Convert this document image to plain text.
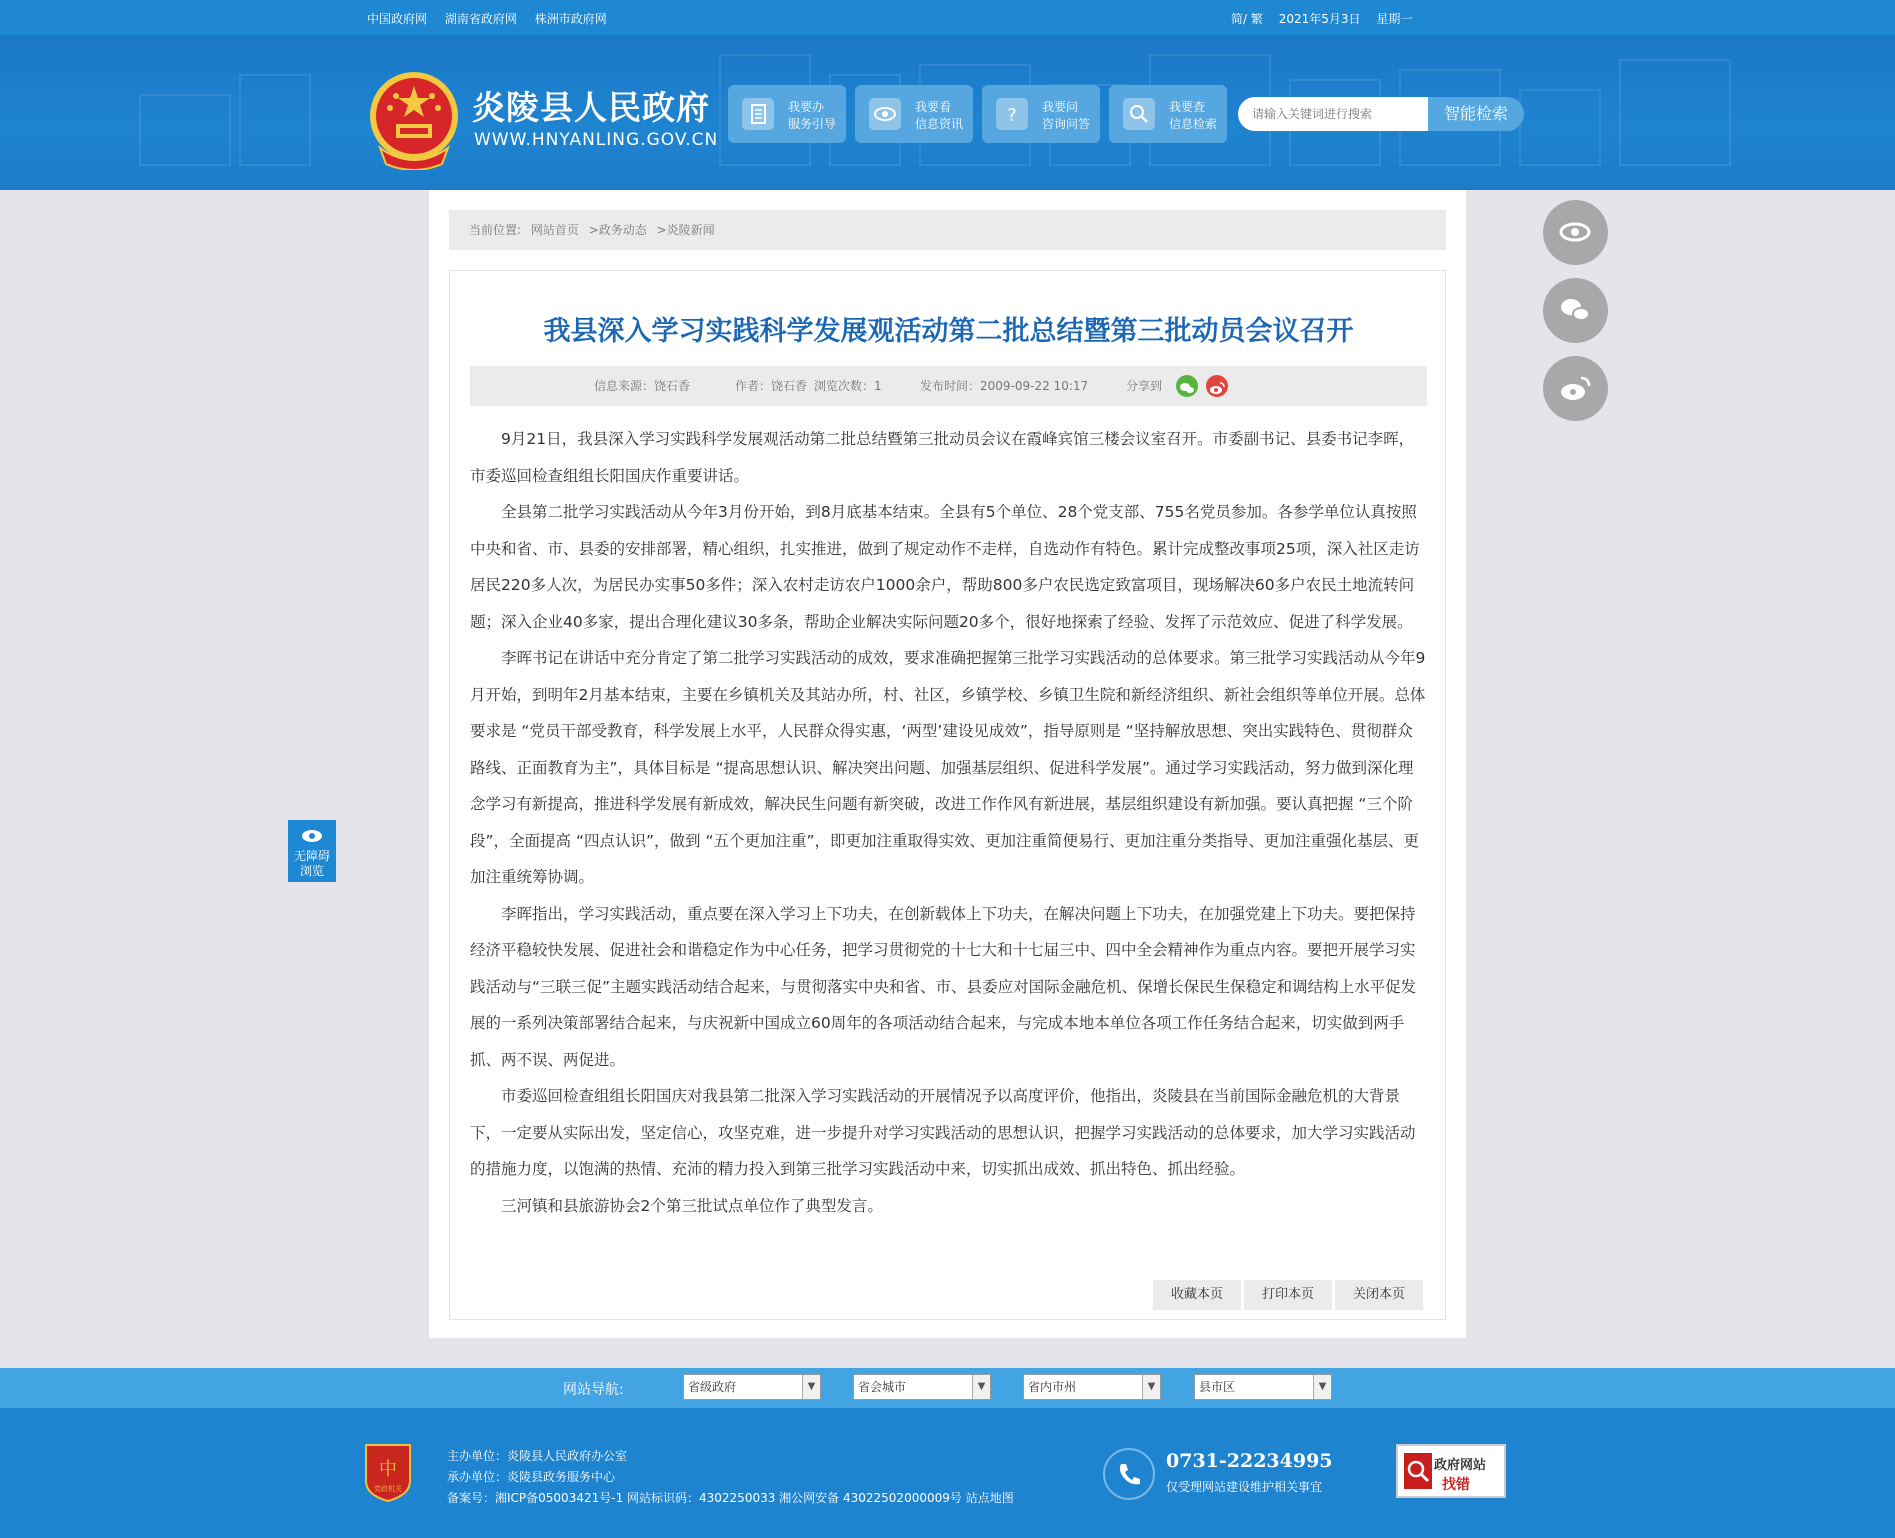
中国政府网 湖南省政府网 株洲市政府网	简/ 繁 2021年5月3日 星期一
炎陵县人民政府
WWW.HNYANLING.GOV.CN
我要办
服务引导
我要看
信息资讯 ? 我要问
咨询问答
我要查
信息检索
请输入关键词进行搜索
智能检索
当前位置: 网站首页 >政务动态 >炎陵新闻
我县深入学习实践科学发展观活动第二批总结暨第三批动员会议召开
信息来源：饶石香	作者：饶石香 浏览次数：1	发布时间：2009-09-22 10:17	分享到

9月21日，我县深入学习实践科学发展观活动第二批总结暨第三批动员会议在霞峰宾馆三楼会议室召开。市委副书记、县委书记李晖，市委巡回检查组组长阳国庆作重要讲话。

全县第二批学习实践活动从今年3月份开始，到8月底基本结束。全县有5个单位、28个党支部、755名党员参加。各参学单位认真按照中央和省、市、县委的安排部署，精心组织，扎实推进，做到了规定动作不走样，自选动作有特色。累计完成整改事项25项，深入社区走访居民220多人次，为居民办实事50多件；深入农村走访农户1000余户，帮助800多户农民选定致富项目，现场解决60多户农民土地流转问题；深入企业40多家，提出合理化建议30多条，帮助企业解决实际问题20多个，很好地探索了经验、发挥了示范效应、促进了科学发展。

李晖书记在讲话中充分肯定了第二批学习实践活动的成效，要求准确把握第三批学习实践活动的总体要求。第三批学习实践活动从今年9月开始，到明年2月基本结束，主要在乡镇机关及其站办所，村、社区，乡镇学校、乡镇卫生院和新经济组织、新社会组织等单位开展。总体要求是 “党员干部受教育，科学发展上水平，人民群众得实惠，‘两型’建设见成效”，指导原则是 “坚持解放思想、突出实践特色、贯彻群众路线、正面教育为主”，具体目标是 “提高思想认识、解决突出问题、加强基层组织、促进科学发展”。通过学习实践活动，努力做到深化理念学习有新提高，推进科学发展有新成效，解决民生问题有新突破，改进工作作风有新进展，基层组织建设有新加强。要认真把握 “三个阶段”，全面提高 “四点认识”，做到 “五个更加注重”，即更加注重取得实效、更加注重简便易行、更加注重分类指导、更加注重强化基层、更加注重统筹协调。

李晖指出，学习实践活动，重点要在深入学习上下功夫，在创新载体上下功夫，在解决问题上下功夫，在加强党建上下功夫。要把保持经济平稳较快发展、促进社会和谐稳定作为中心任务，把学习贯彻党的十七大和十七届三中、四中全会精神作为重点内容。要把开展学习实践活动与“三联三促”主题实践活动结合起来，与贯彻落实中央和省、市、县委应对国际金融危机、保增长保民生保稳定和调结构上水平促发展的一系列决策部署结合起来，与庆祝新中国成立60周年的各项活动结合起来，与完成本地本单位各项工作任务结合起来，切实做到两手抓、两不误、两促进。

市委巡回检查组组长阳国庆对我县第二批深入学习实践活动的开展情况予以高度评价，他指出，炎陵县在当前国际金融危机的大背景下，一定要从实际出发，坚定信心，攻坚克难，进一步提升对学习实践活动的思想认识，把握学习实践活动的总体要求，加大学习实践活动的措施力度，以饱满的热情、充沛的精力投入到第三批学习实践活动中来，切实抓出成效、抓出特色、抓出经验。

三河镇和县旅游协会2个第三批试点单位作了典型发言。

收藏本页	打印本页	关闭本页
无障碍
浏览
网站导航:	省级政府	▼	省会城市	▼	省内市州	▼	县市区	▼
中
党政机关
主办单位：炎陵县人民政府办公室
承办单位：炎陵县政务服务中心
备案号：湘ICP备05003421号-1 网站标识码：4302250033 湘公网安备 43022502000009号 站点地图
0731-22234995
仅受理网站建设维护相关事宜
政府网站
找错
